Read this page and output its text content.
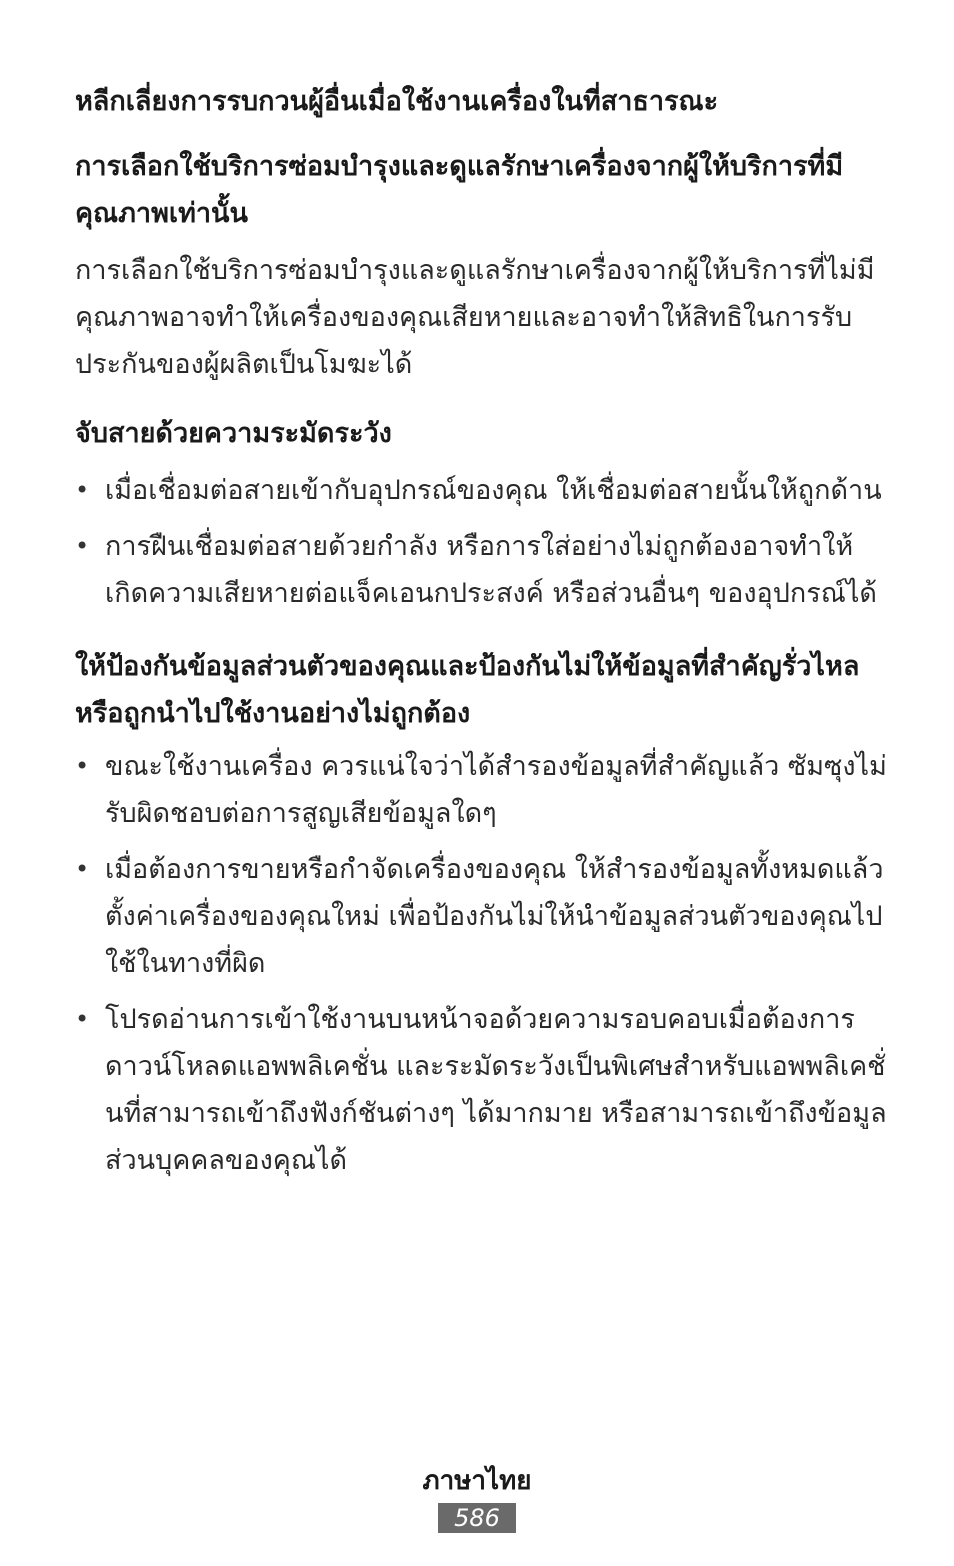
หลีกเลี่ยงการรบกวนผู้อื่นเมื่อใช้งานเครื่องในที่สาธารณะ
การเลือกใช้บริการซ่อมบำรุงและดูแลรักษาเครื่องจากผู้ให้บริการที่มีคุณภาพเท่านั้น

การเลือกใช้บริการซ่อมบำรุงและดูแลรักษาเครื่องจากผู้ให้บริการที่ไม่มีคุณภาพอาจทำให้เครื่องของคุณเสียหายและอาจทำให้สิทธิในการรับประกันของผู้ผลิตเป็นโมฆะได้

จับสายด้วยความระมัดระวัง
• เมื่อเชื่อมต่อสายเข้ากับอุปกรณ์ของคุณ ให้เชื่อมต่อสายนั้นให้ถูกด้าน
• การฝืนเชื่อมต่อสายด้วยกำลัง หรือการใส่อย่างไม่ถูกต้องอาจทำให้เกิดความเสียหายต่อแจ็คเอนกประสงค์ หรือส่วนอื่นๆ ของอุปกรณ์ได้
ให้ป้องกันข้อมูลส่วนตัวของคุณและป้องกันไม่ให้ข้อมูลที่สำคัญรั่วไหลหรือถูกนำไปใช้งานอย่างไม่ถูกต้อง
• ขณะใช้งานเครื่อง ควรแน่ใจว่าได้สำรองข้อมูลที่สำคัญแล้ว ซัมซุงไม่รับผิดชอบต่อการสูญเสียข้อมูลใดๆ
• เมื่อต้องการขายหรือกำจัดเครื่องของคุณ ให้สำรองข้อมูลทั้งหมดแล้วตั้งค่าเครื่องของคุณใหม่ เพื่อป้องกันไม่ให้นำข้อมูลส่วนตัวของคุณไปใช้ในทางที่ผิด
• โปรดอ่านการเข้าใช้งานบนหน้าจอด้วยความรอบคอบเมื่อต้องการดาวน์โหลดแอพพลิเคชั่น และระมัดระวังเป็นพิเศษสำหรับแอพพลิเคชั่นที่สามารถเข้าถึงฟังก์ชันต่างๆ ได้มากมาย หรือสามารถเข้าถึงข้อมูลส่วนบุคคลของคุณได้
ภาษาไทย
586
